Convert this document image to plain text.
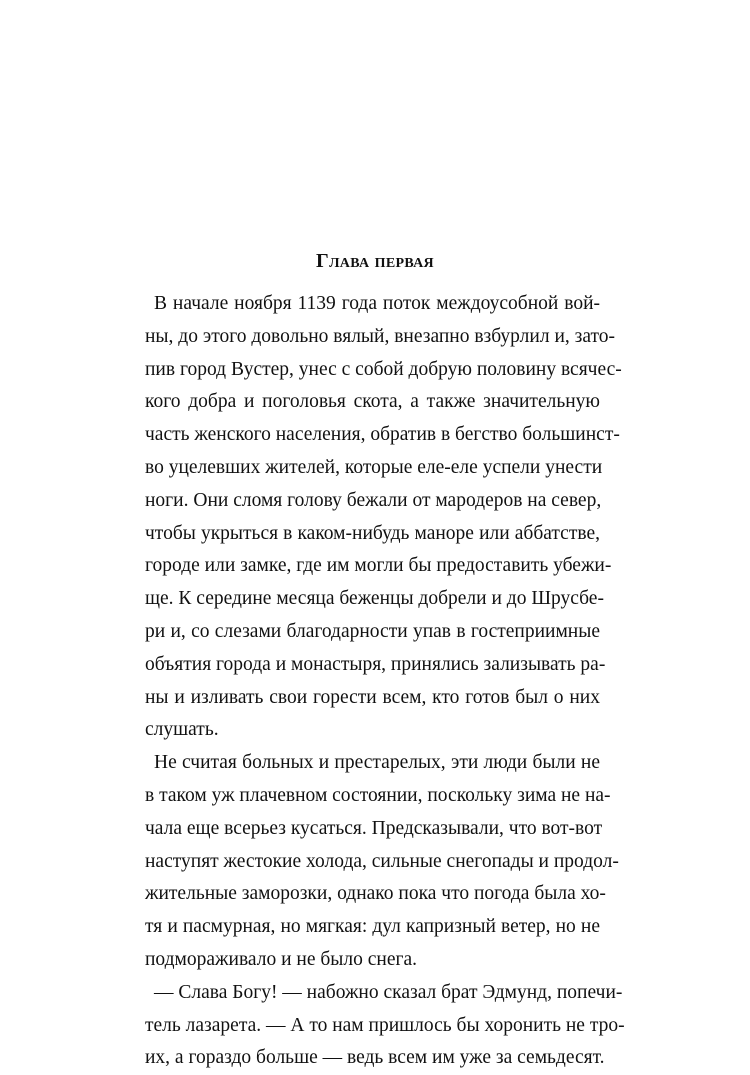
Глава первая
В начале ноября 1139 года поток междоусобной вой-
ны, до этого довольно вялый, внезапно взбурлил и, зато-
пив город Вустер, унес с собой добрую половину всячес-
кого добра и поголовья скота, а также значительную
часть женского населения, обратив в бегство большинст-
во уцелевших жителей, которые еле-еле успели унести
ноги. Они сломя голову бежали от мародеров на север,
чтобы укрыться в каком-нибудь маноре или аббатстве,
городе или замке, где им могли бы предоставить убежи-
ще. К середине месяца беженцы добрели и до Шрусбе-
ри и, со слезами благодарности упав в гостеприимные
объятия города и монастыря, принялись зализывать ра-
ны и изливать свои горести всем, кто готов был о них
слушать.
Не считая больных и престарелых, эти люди были не
в таком уж плачевном состоянии, поскольку зима не на-
чала еще всерьез кусаться. Предсказывали, что вот-вот
наступят жестокие холода, сильные снегопады и продол-
жительные заморозки, однако пока что погода была хо-
тя и пасмурная, но мягкая: дул капризный ветер, но не
подмораживало и не было снега.
— Слава Богу! — набожно сказал брат Эдмунд, попечи-
тель лазарета. — А то нам пришлось бы хоронить не тро-
их, а гораздо больше — ведь всем им уже за семьдесят.
